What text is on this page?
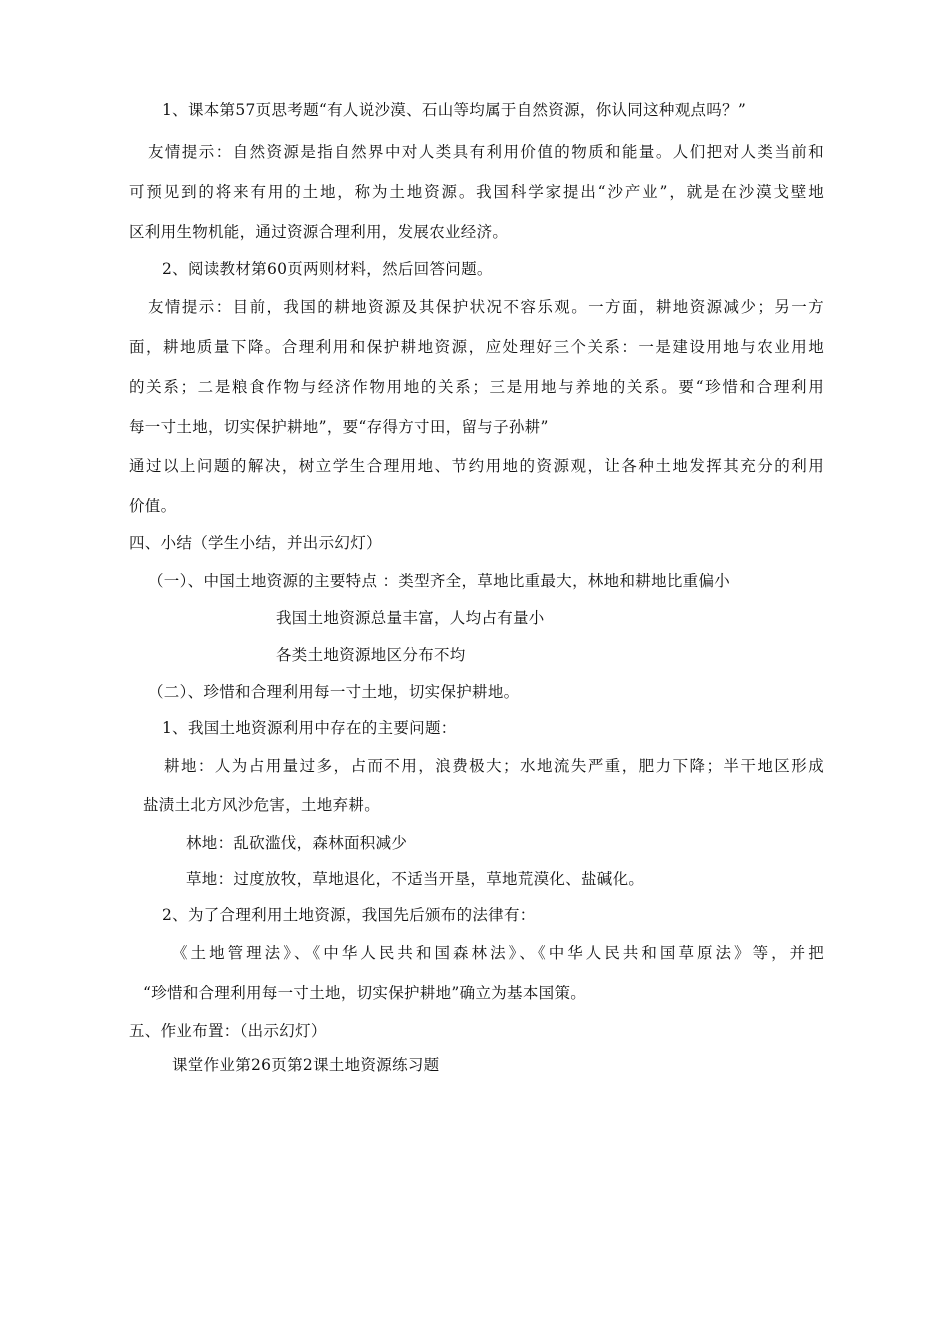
1、课本第57页思考题“有人说沙漠、石山等均属于自然资源，你认同这种观点吗？”
友情提示：自然资源是指自然界中对人类具有利用价值的物质和能量。人们把对人类当前和
可预见到的将来有用的土地，称为土地资源。我国科学家提出“沙产业”，就是在沙漠戈壁地
区利用生物机能，通过资源合理利用，发展农业经济。
2、阅读教材第60页两则材料，然后回答问题。
友情提示：目前，我国的耕地资源及其保护状况不容乐观。一方面，耕地资源减少；另一方
面，耕地质量下降。合理利用和保护耕地资源，应处理好三个关系：一是建设用地与农业用地
的关系；二是粮食作物与经济作物用地的关系；三是用地与养地的关系。要“珍惜和合理利用
每一寸土地，切实保护耕地”，要“存得方寸田，留与子孙耕”
通过以上问题的解决，树立学生合理用地、节约用地的资源观，让各种土地发挥其充分的利用
价值。
四、小结（学生小结，并出示幻灯）
（一）、中国土地资源的主要特点 ：类型齐全，草地比重最大，林地和耕地比重偏小
我国土地资源总量丰富，人均占有量小
各类土地资源地区分布不均
（二）、珍惜和合理利用每一寸土地，切实保护耕地。
1、我国土地资源利用中存在的主要问题：
耕地：人为占用量过多，占而不用，浪费极大；水地流失严重，肥力下降；半干地区形成
盐渍土北方风沙危害，土地弃耕。
林地：乱砍滥伐，森林面积减少
草地：过度放牧，草地退化，不适当开垦，草地荒漠化、盐碱化。
2、为了合理利用土地资源，我国先后颁布的法律有：
《土地管理法》、《中华人民共和国森林法》、《中华人民共和国草原法》等，并把
“珍惜和合理利用每一寸土地，切实保护耕地”确立为基本国策。
五、作业布置：（出示幻灯）
课堂作业第26页第2课土地资源练习题
